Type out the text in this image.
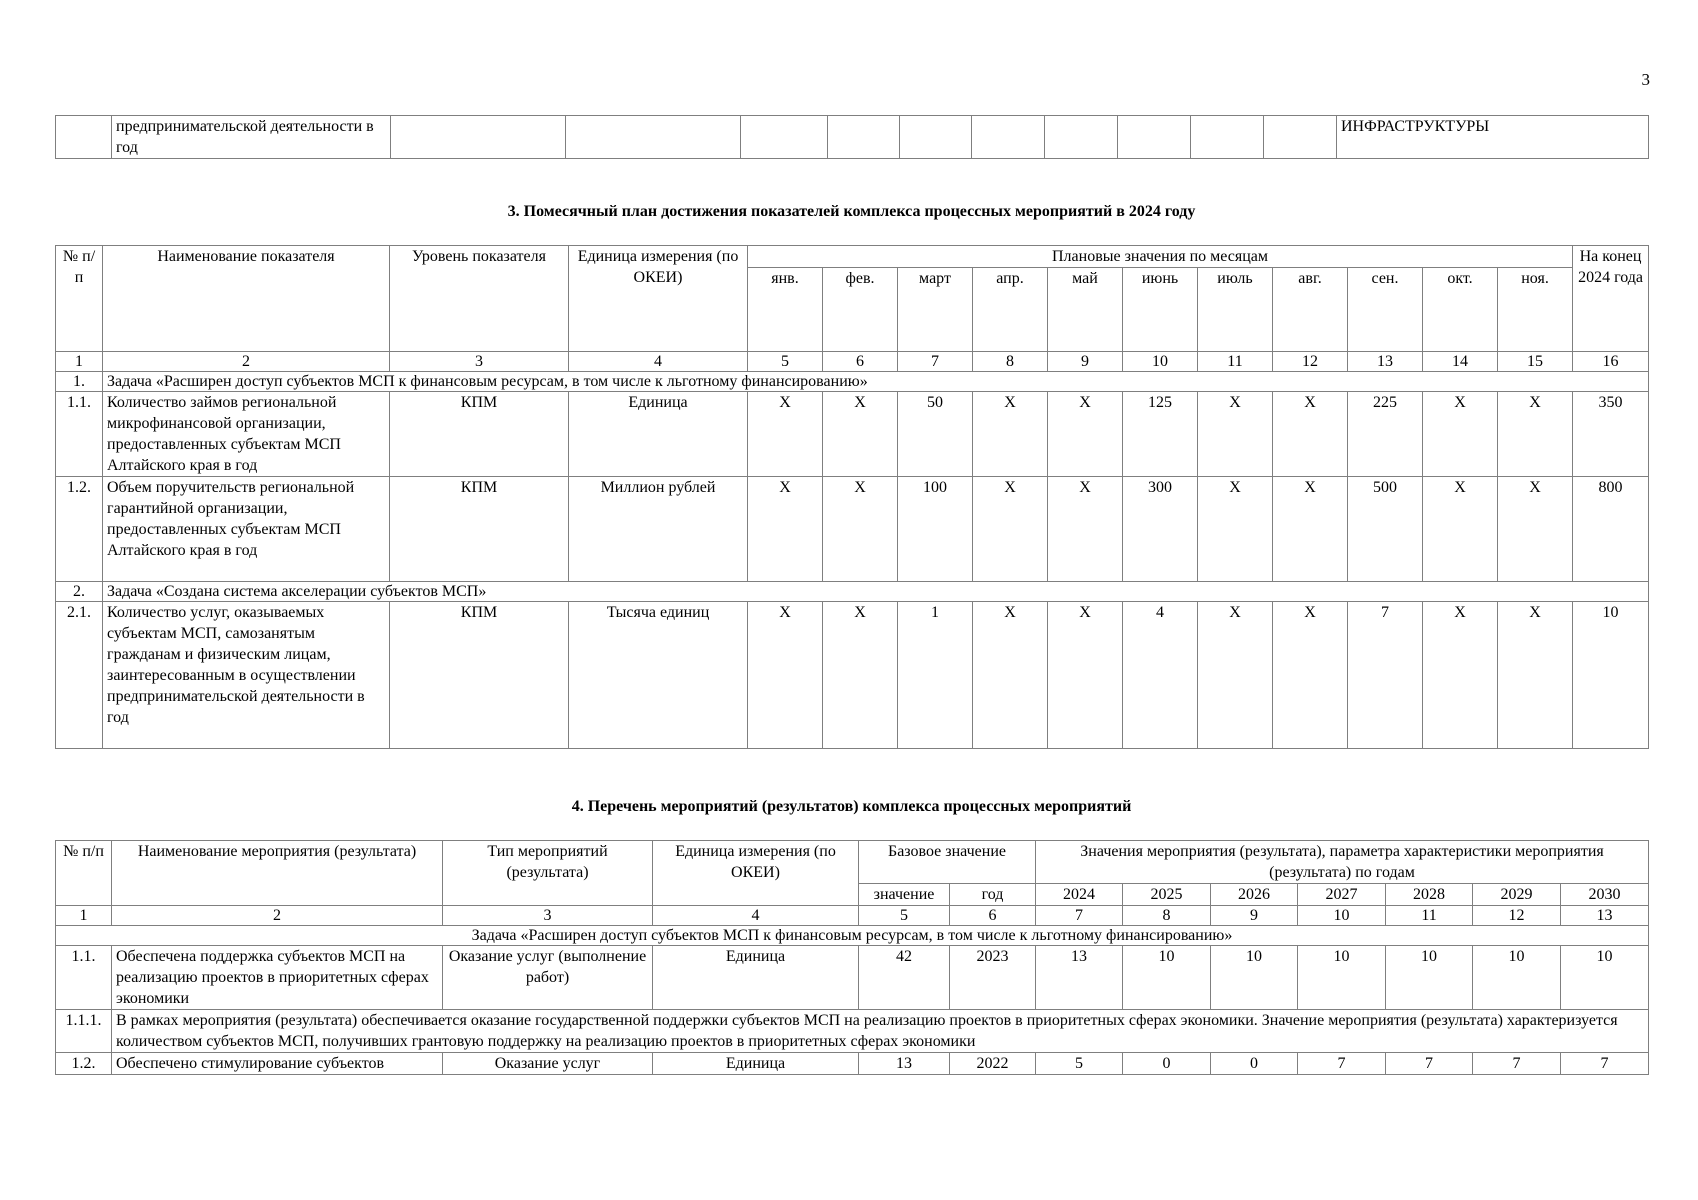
3
	предпринимательской деятельности в год											ИНФРАСТРУКТУРЫ
3. Помесячный план достижения показателей комплекса процессных мероприятий в 2024 году
№ п/п	Наименование показателя	Уровень показателя	Единица измерения (по ОКЕИ)	Плановые значения по месяцам											На конец 2024 года
				янв.	фев.	март	апр.	май	июнь	июль	авг.	сен.	окт.	ноя.	
1	2	3	4	5	6	7	8	9	10	11	12	13	14	15	16
1.	Задача «Расширен доступ субъектов МСП к финансовым ресурсам, в том числе к льготному финансированию»														
1.1.	Количество займов региональной микрофинансовой организации, предоставленных субъектам МСП Алтайского края в год	КПМ	Единица	X	X	50	X	X	125	X	X	225	X	X	350
1.2.	Объем поручительств региональной гарантийной организации, предоставленных субъектам МСП Алтайского края в год	КПМ	Миллион рублей	X	X	100	X	X	300	X	X	500	X	X	800
2.	Задача «Создана система акселерации субъектов МСП»														
2.1.	Количество услуг, оказываемых субъектам МСП, самозанятым гражданам и физическим лицам, заинтересованным в осуществлении предпринимательской деятельности в год	КПМ	Тысяча единиц	X	X	1	X	X	4	X	X	7	X	X	10
4. Перечень мероприятий (результатов) комплекса процессных мероприятий
№ п/п	Наименование мероприятия (результата)	Тип мероприятий (результата)	Единица измерения (по ОКЕИ)	Базовое значение		Значения мероприятия (результата), параметра характеристики мероприятия (результата) по годам						
				значение	год	2024	2025	2026	2027	2028	2029	2030
1	2	3	4	5	6	7	8	9	10	11	12	13
Задача «Расширен доступ субъектов МСП к финансовым ресурсам, в том числе к льготному финансированию»												
1.1.	Обеспечена поддержка субъектов МСП на реализацию проектов в приоритетных сферах экономики	Оказание услуг (выполнение работ)	Единица	42	2023	13	10	10	10	10	10	10
1.1.1.	В рамках мероприятия (результата) обеспечивается оказание государственной поддержки субъектов МСП на реализацию проектов в приоритетных сферах экономики. Значение мероприятия (результата) характеризуется количеством субъектов МСП, получивших грантовую поддержку на реализацию проектов в приоритетных сферах экономики											
1.2.	Обеспечено стимулирование субъектов	Оказание услуг	Единица	13	2022	5	0	0	7	7	7	7
